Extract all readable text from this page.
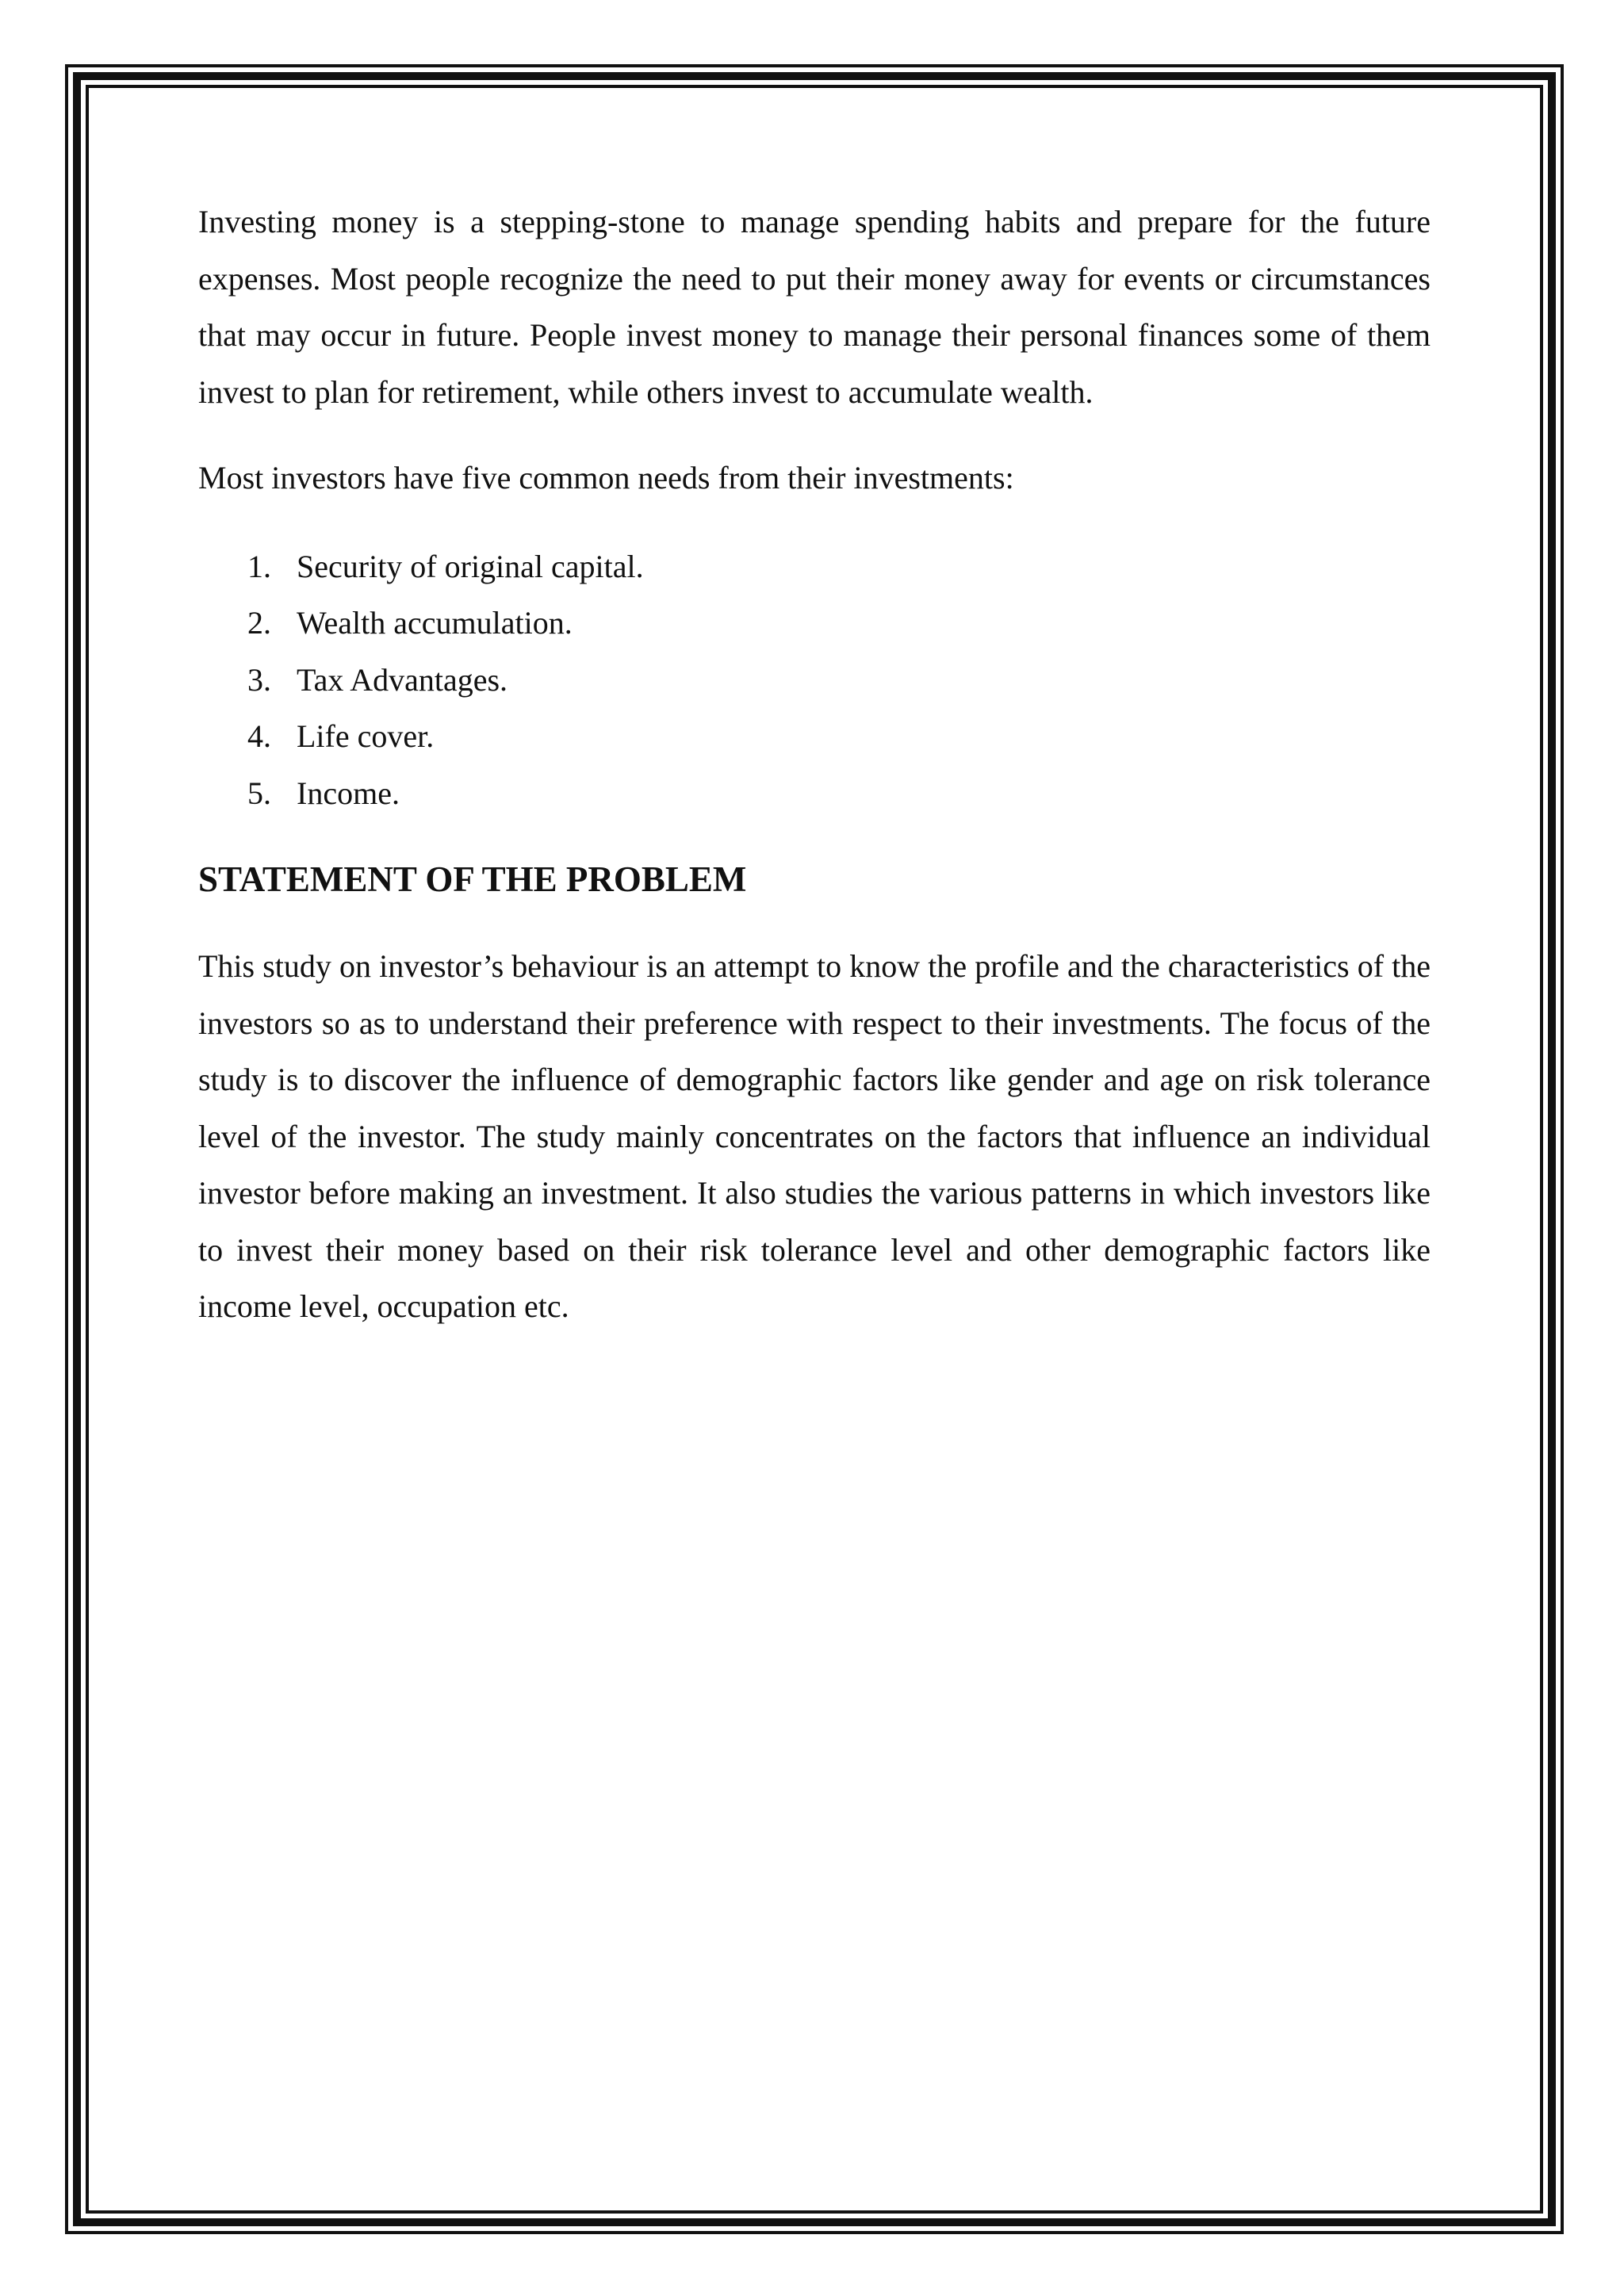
Investing money is a stepping-stone to manage spending habits and prepare for the future expenses. Most people recognize the need to put their money away for events or circumstances that may occur in future. People invest money to manage their personal finances some of them invest to plan for retirement, while others invest to accumulate wealth.

Most investors have five common needs from their investments:

1. Security of original capital.
2. Wealth accumulation.
3. Tax Advantages.
4. Life cover.
5. Income.
STATEMENT OF THE PROBLEM

This study on investor’s behaviour is an attempt to know the profile and the characteristics of the investors so as to understand their preference with respect to their investments. The focus of the study is to discover the influence of demographic factors like gender and age on risk tolerance level of the investor. The study mainly concentrates on the factors that influence an individual investor before making an investment. It also studies the various patterns in which investors like to invest their money based on their risk tolerance level and other demographic factors like income level, occupation etc.
